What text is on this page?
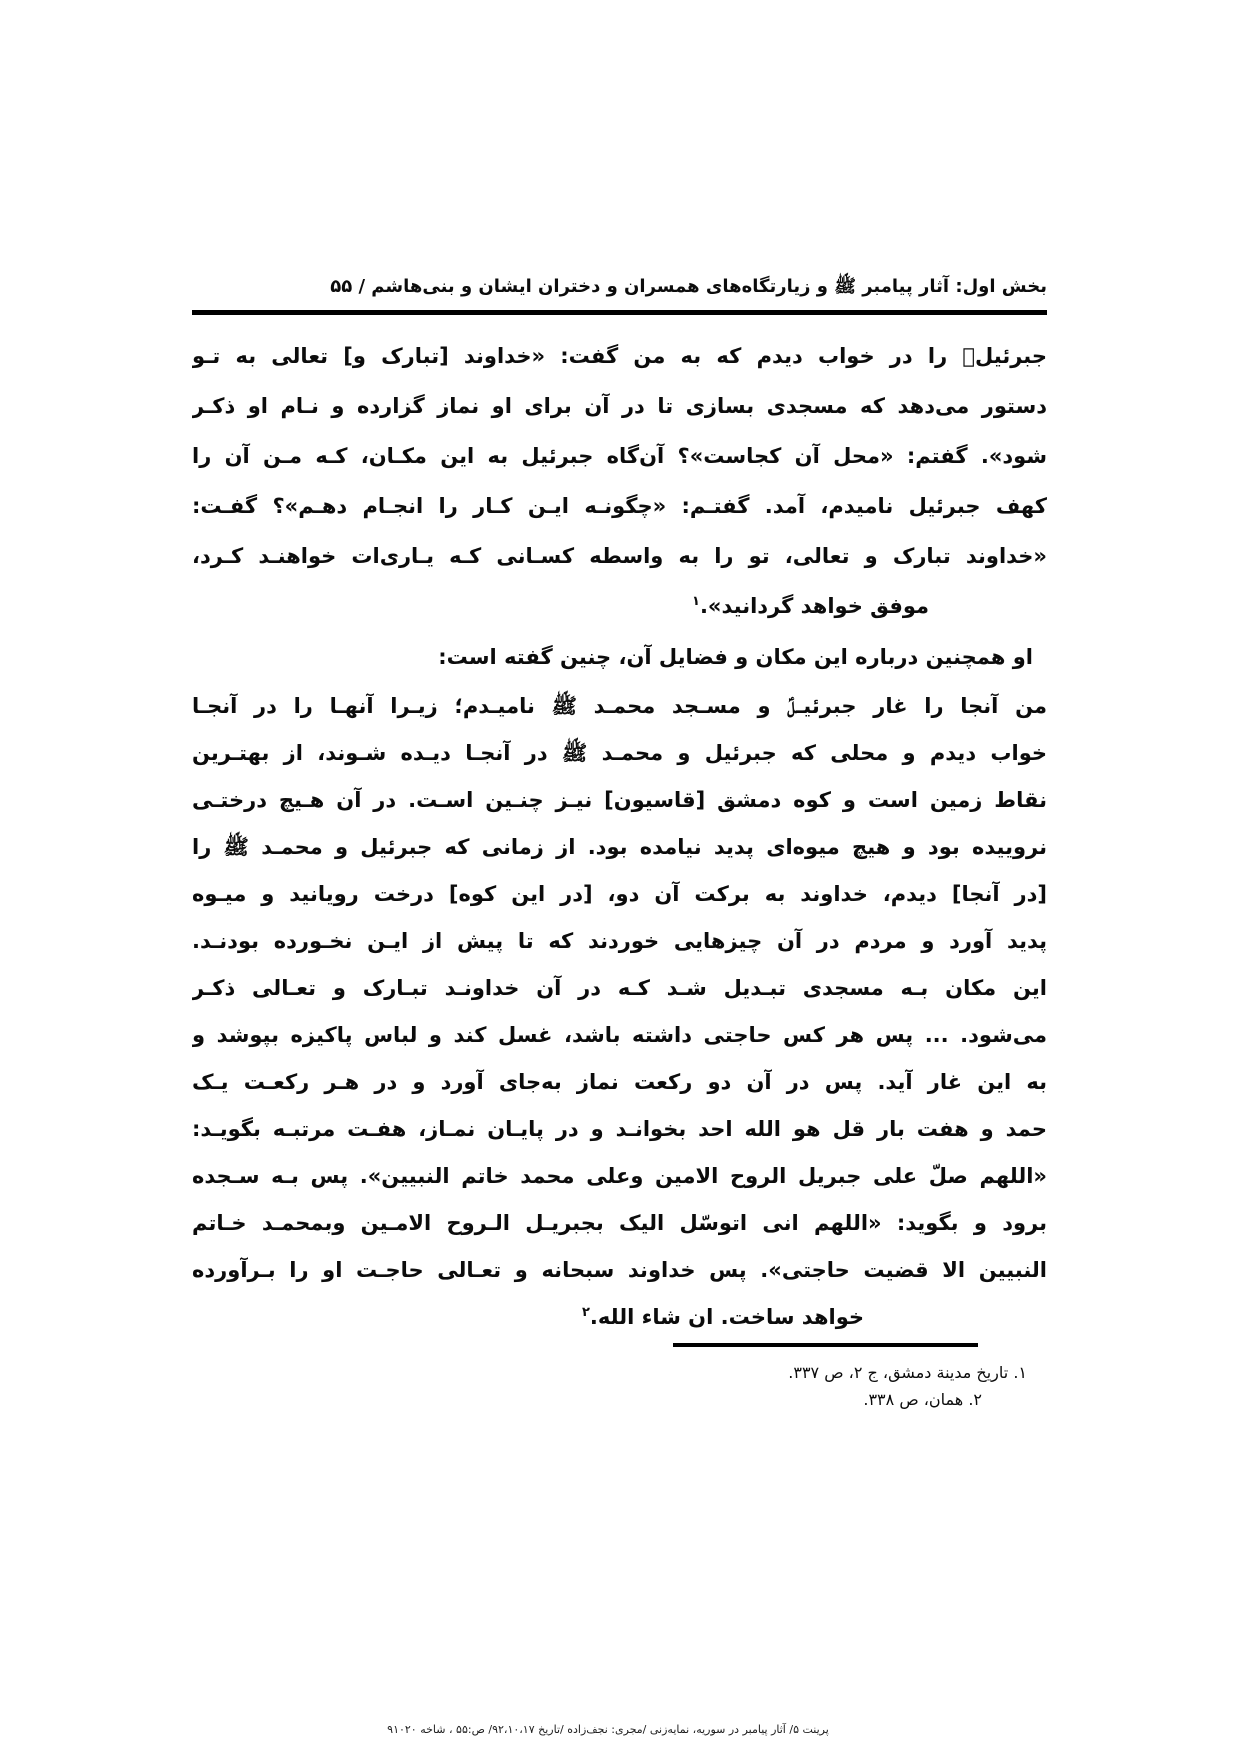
بخش اول: آثار پیامبر ﷺ و زیارتگاه‌های همسران و دختران ایشان و بنی‌هاشم / ۵۵
جبرئیلؑ را در خواب دیدم که به من گفت: «خداوند [تبارک و] تعالی به تـو
دستور می‌دهد که مسجدی بسازی تا در آن برای او نماز گزارده و نـام او ذکـر
شود». گفتم: «محل آن کجاست»؟ آن‌گاه جبرئیل به این مکـان، کـه مـن آن را
کهف جبرئیل نامیدم، آمد. گفتـم: «چگونـه ایـن کـار را انجـام دهـم»؟ گفـت:
«خداوند تبارک و تعالی، تو را به واسطه کسـانی کـه یـاری‌ات خواهنـد کـرد،
موفق خواهد گردانید».$^۱$
او همچنین درباره این مکان و فضایل آن، چنین گفته است:
من آنجا را غار جبرئیـلؑ و مسـجد محمـد ﷺ نامیـدم؛ زیـرا آنهـا را در آنجـا
خواب دیدم و محلی که جبرئیل و محمـد ﷺ در آنجـا دیـده شـوند، از بهتـرین
نقاط زمین است و کوه دمشق [قاسیون] نیـز چنـین اسـت. در آن هـیچ درختـی
نروییده بود و هیچ میوه‌ای پدید نیامده بود. از زمانی که جبرئیل و محمـد ﷺ را
[در آنجا] دیدم، خداوند به برکت آن دو، [در این کوه] درخت رویانید و میـوه
پدید آورد و مردم در آن چیزهایی خوردند که تا پیش از ایـن نخـورده بودنـد.
این مکان بـه مسجدی تبـدیل شـد کـه در آن خداونـد تبـارک و تعـالی ذکـر
می‌شود. ... پس هر کس حاجتی داشته باشد، غسل کند و لباس پاکیزه بپوشد و
به این غار آید. پس در آن دو رکعت نماز به‌جای آورد و در هـر رکعـت یـک
حمد و هفت بار قل هو الله احد بخوانـد و در پایـان نمـاز، هفـت مرتبـه بگویـد:
«اللهم صلّ علی جبریل الروح الامین وعلی محمد خاتم النبیین». پس بـه سـجده
برود و بگوید: «اللهم انی اتوسّل الیک بجبریـل الـروح الامـین وبمحمـد خـاتم
النبیین الا قضیت حاجتی». پس خداوند سبحانه و تعـالی حاجـت او را بـرآورده
خواهد ساخت. ان شاء الله.$^۲$
۱. تاریخ مدینة دمشق، ج ۲، ص ۳۳۷.
۲. همان، ص ۳۳۸.
پرینت ۵/ آثار پیامبر در سوریه، نمایه‌زنی /مجری: نجف‌زاده /تاریخ ۹۲،۱۰،۱۷/ ص:۵۵ ، شاخه ۹۱۰۲۰
